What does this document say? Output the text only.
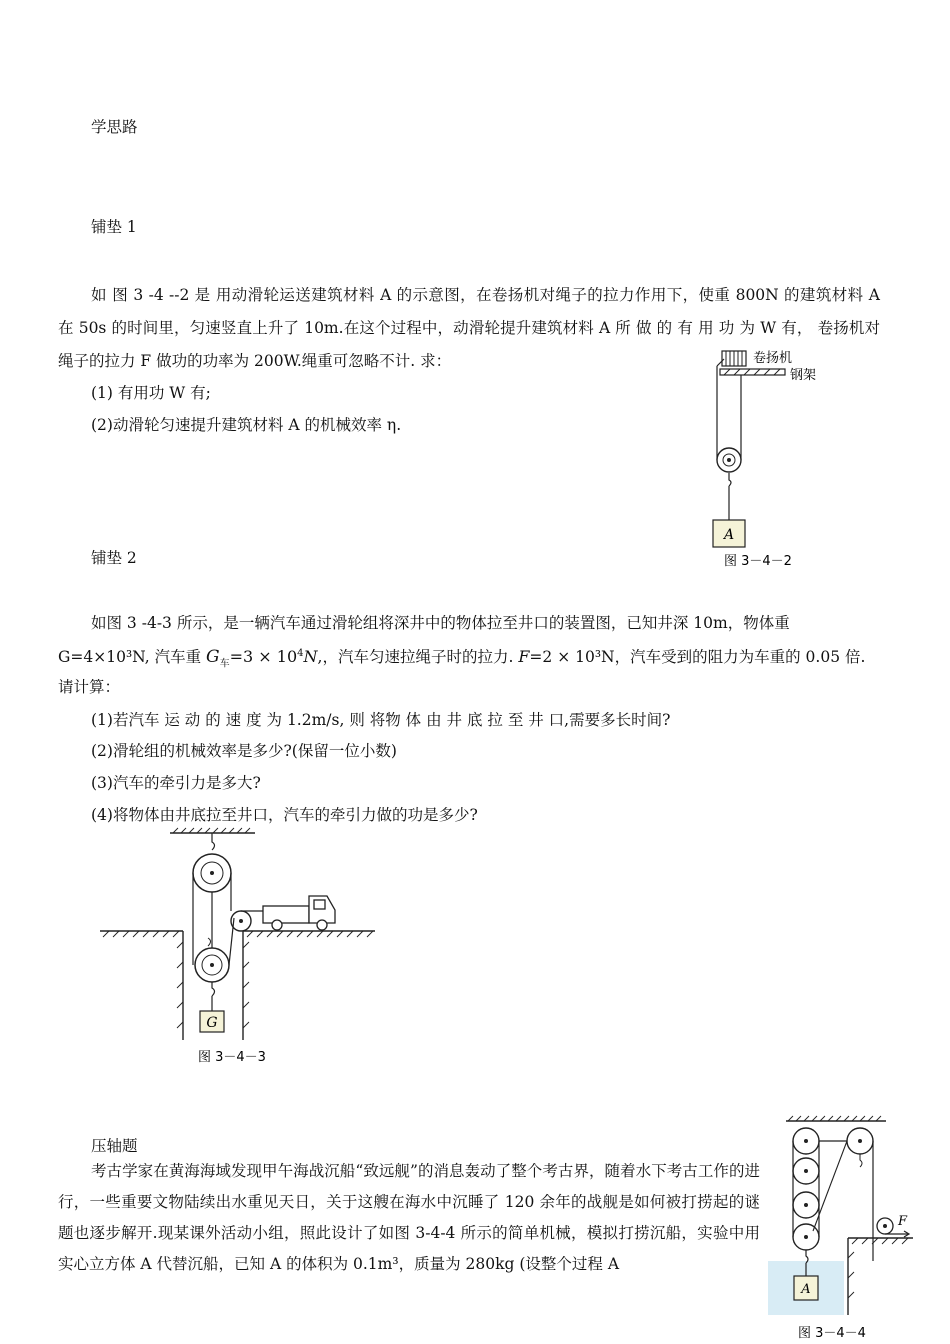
学思路
铺垫 1
如 图 3 -4 --2 是 用动滑轮运送建筑材料 A 的示意图，在卷扬机对绳子的拉力作用下，使重 800N 的建筑材料 A 在 50s 的时间里，匀速竖直上升了 10m.在这个过程中，动滑轮提升建筑材料 A 所 做 的 有 用 功 为 W 有， 卷扬机对绳子的拉力 F 做功的功率为 200W.绳重可忽略不计. 求：
(1) 有用功 W 有;
(2)动滑轮匀速提升建筑材料 A 的机械效率 η.
A
卷扬机
钢架
图 3－4－2
铺垫 2
如图 3 -4-3 所示，是一辆汽车通过滑轮组将深井中的物体拉至井口的装置图，已知井深 10m，物体重
G=4×10³N, 汽车重 $G_车=3 \times 10^4N$,，汽车匀速拉绳子时的拉力. F=2 × 10³N，汽车受到的阻力为车重的 0.05 倍.
请计算：
(1)若汽车 运 动 的 速 度 为 1.2m/s, 则 将物 体 由 井 底 拉 至 井 口,需要多长时间?
(2)滑轮组的机械效率是多少?(保留一位小数)
(3)汽车的牵引力是多大?
(4)将物体由井底拉至井口，汽车的牵引力做的功是多少?
G
图 3－4－3
压轴题
考古学家在黄海海域发现甲午海战沉船“致远舰”的消息轰动了整个考古界，随着水下考古工作的进行，一些重要文物陆续出水重见天日，关于这艘在海水中沉睡了 120 余年的战舰是如何被打捞起的谜题也逐步解开.现某课外活动小组，照此设计了如图 3-4-4 所示的简单机械，模拟打捞沉船，实验中用实心立方体 A 代替沉船，已知 A 的体积为 0.1m³，质量为 280kg (设整个过程 A
F
A
图 3－4－4
